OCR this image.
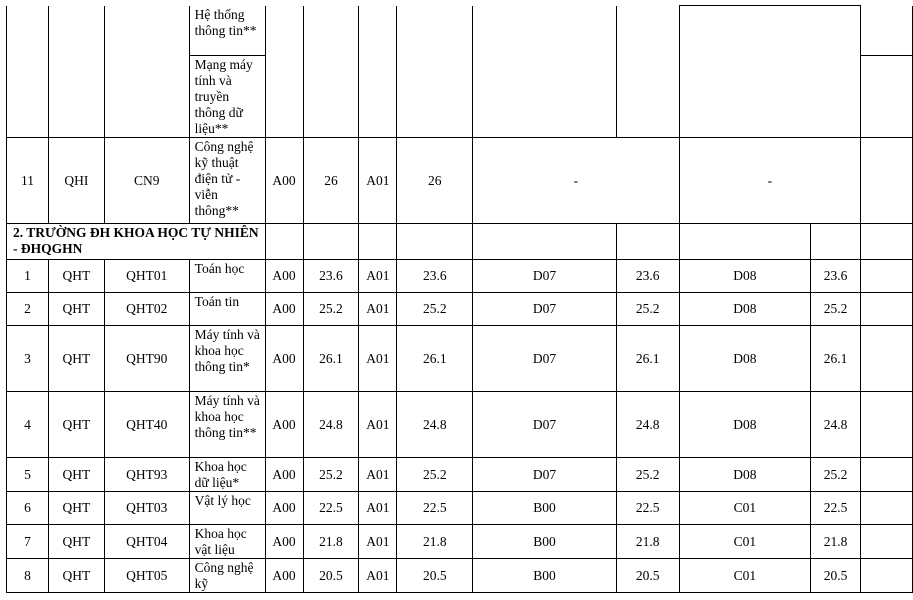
			Hệ thống thông tin**									
			Mạng máy tính và truyền thông dữ liệu**									
11	QHI	CN9	Công nghệ kỹ thuật điện tử - viễn thông**	A00	26	A01	26	-		-		
2. TRƯỜNG ĐH KHOA HỌC TỰ NHIÊN - ĐHQGHN												
1	QHT	QHT01	Toán học	A00	23.6	A01	23.6	D07	23.6	D08	23.6	
2	QHT	QHT02	Toán tin	A00	25.2	A01	25.2	D07	25.2	D08	25.2	
3	QHT	QHT90	Máy tính và khoa học thông tin*	A00	26.1	A01	26.1	D07	26.1	D08	26.1	
4	QHT	QHT40	Máy tính và khoa học thông tin**	A00	24.8	A01	24.8	D07	24.8	D08	24.8	
5	QHT	QHT93	Khoa học dữ liệu*	A00	25.2	A01	25.2	D07	25.2	D08	25.2	
6	QHT	QHT03	Vật lý học	A00	22.5	A01	22.5	B00	22.5	C01	22.5	
7	QHT	QHT04	Khoa học vật liệu	A00	21.8	A01	21.8	B00	21.8	C01	21.8	
8	QHT	QHT05	Công nghệ kỹ	A00	20.5	A01	20.5	B00	20.5	C01	20.5	
